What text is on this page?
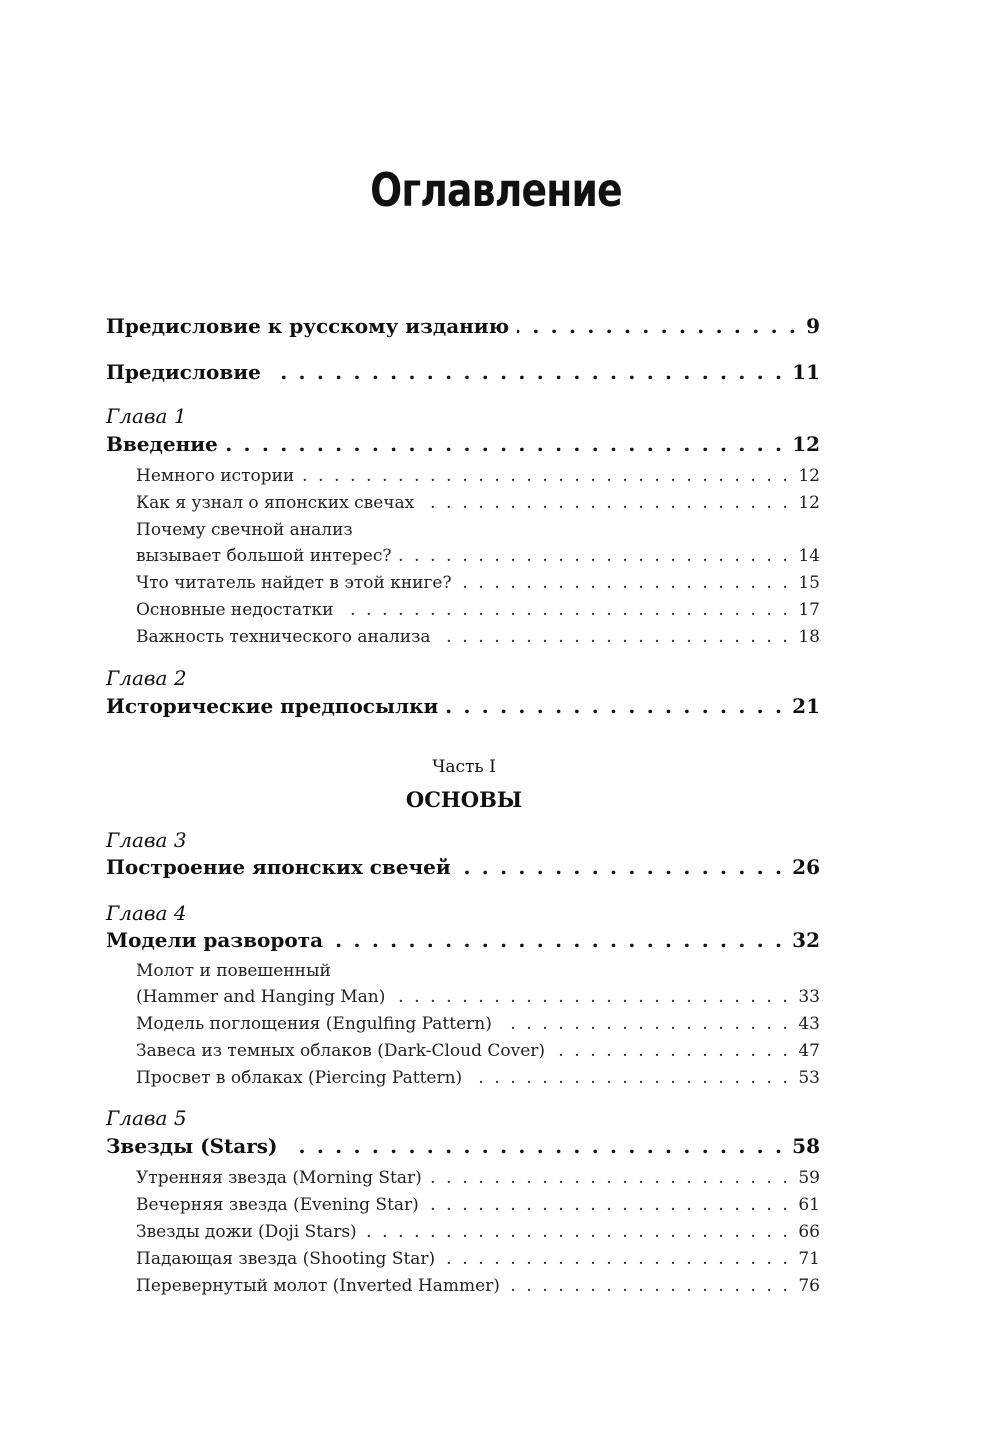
Оглавление
Предисловие к русскому изданию . . .	9
Предисловие . . .	11
Глава 1
Введение . . .	12
Немного истории . . .	12
Как я узнал о японских свечах . . .	12
Почему свечной анализ
вызывает большой интерес? . . .	14
Что читатель найдет в этой книге? . . .	15
Основные недостатки . . .	17
Важность технического анализа . . .	18
Глава 2
Исторические предпосылки . . .	21
Часть I
ОСНОВЫ
Глава 3
Построение японских свечей . . .	26
Глава 4
Модели разворота . . .	32
Молот и повешенный
(Hammer and Hanging Man) . . .	33
Модель поглощения (Engulfing Pattern) . . .	43
Завеса из темных облаков (Dark-Cloud Cover) . . .	47
Просвет в облаках (Piercing Pattern) . . .	53
Глава 5
Звезды (Stars) . . .	58
Утренняя звезда (Morning Star) . . .	59
Вечерняя звезда (Evening Star) . . .	61
Звезды дожи (Doji Stars) . . .	66
Падающая звезда (Shooting Star) . . .	71
Перевернутый молот (Inverted Hammer) . . .	76
